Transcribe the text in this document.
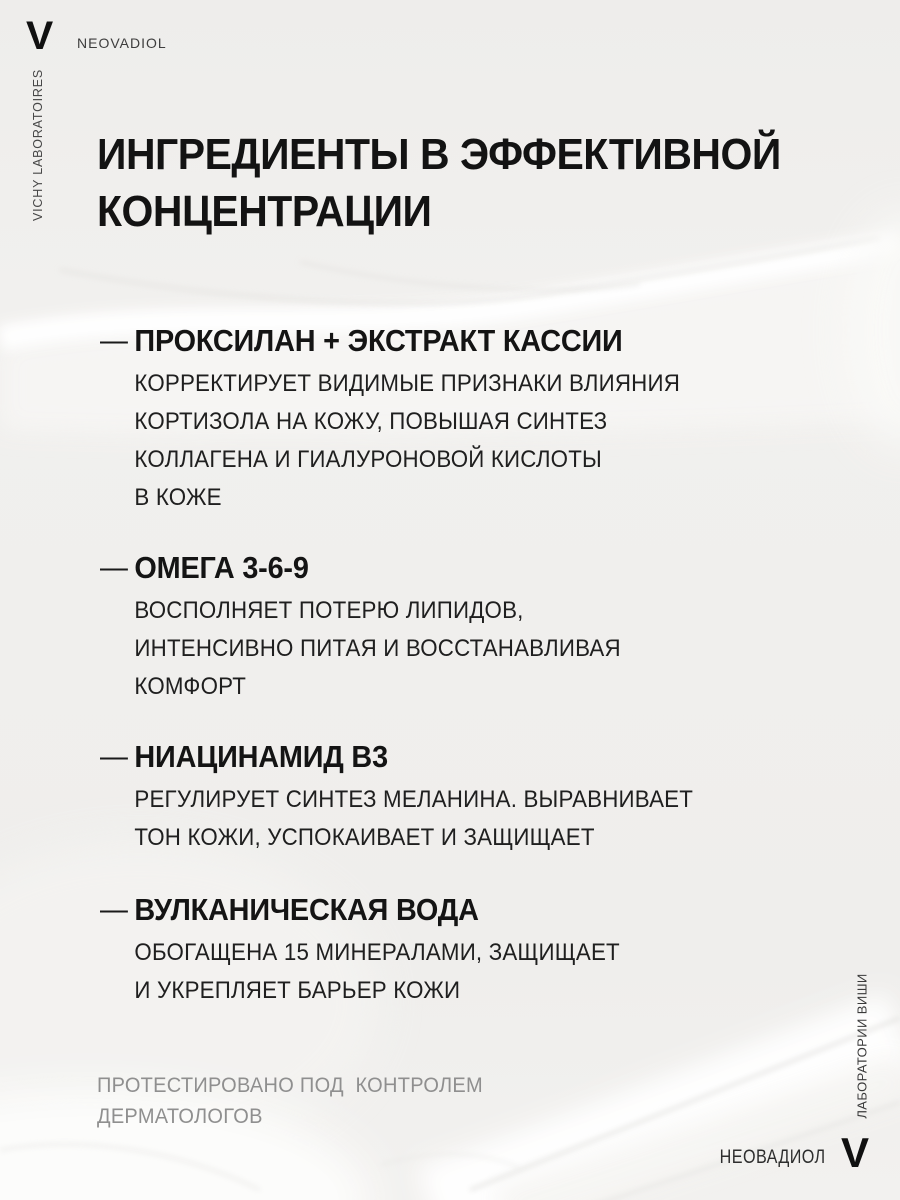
V NEOVADIOL
VICHY LABORATOIRES ИНГРЕДИЕНТЫ В ЭФФЕКТИВНОЙ
КОНЦЕНТРАЦИИ
— ПРОКСИЛАН + ЭКСТРАКТ КАССИИ
КОРРЕКТИРУЕТ ВИДИМЫЕ ПРИЗНАКИ ВЛИЯНИЯ
КОРТИЗОЛА НА КОЖУ, ПОВЫШАЯ СИНТЕЗ
КОЛЛАГЕНА И ГИАЛУРОНОВОЙ КИСЛОТЫ
В КОЖЕ
— ОМЕГА 3-6-9
ВОСПОЛНЯЕТ ПОТЕРЮ ЛИПИДОВ,
ИНТЕНСИВНО ПИТАЯ И ВОССТАНАВЛИВАЯ
КОМФОРТ
— НИАЦИНАМИД В3
РЕГУЛИРУЕТ СИНТЕЗ МЕЛАНИНА. ВЫРАВНИВАЕТ
ТОН КОЖИ, УСПОКАИВАЕТ И ЗАЩИЩАЕТ
— ВУЛКАНИЧЕСКАЯ ВОДА
ОБОГАЩЕНА 15 МИНЕРАЛАМИ, ЗАЩИЩАЕТ
И УКРЕПЛЯЕТ БАРЬЕР КОЖИ
ПРОТЕСТИРОВАНО ПОД  КОНТРОЛЕМ
ДЕРМАТОЛОГОВ	ЛАБОРАТОРИИ ВИШИ
НЕОВАДИОЛ V
